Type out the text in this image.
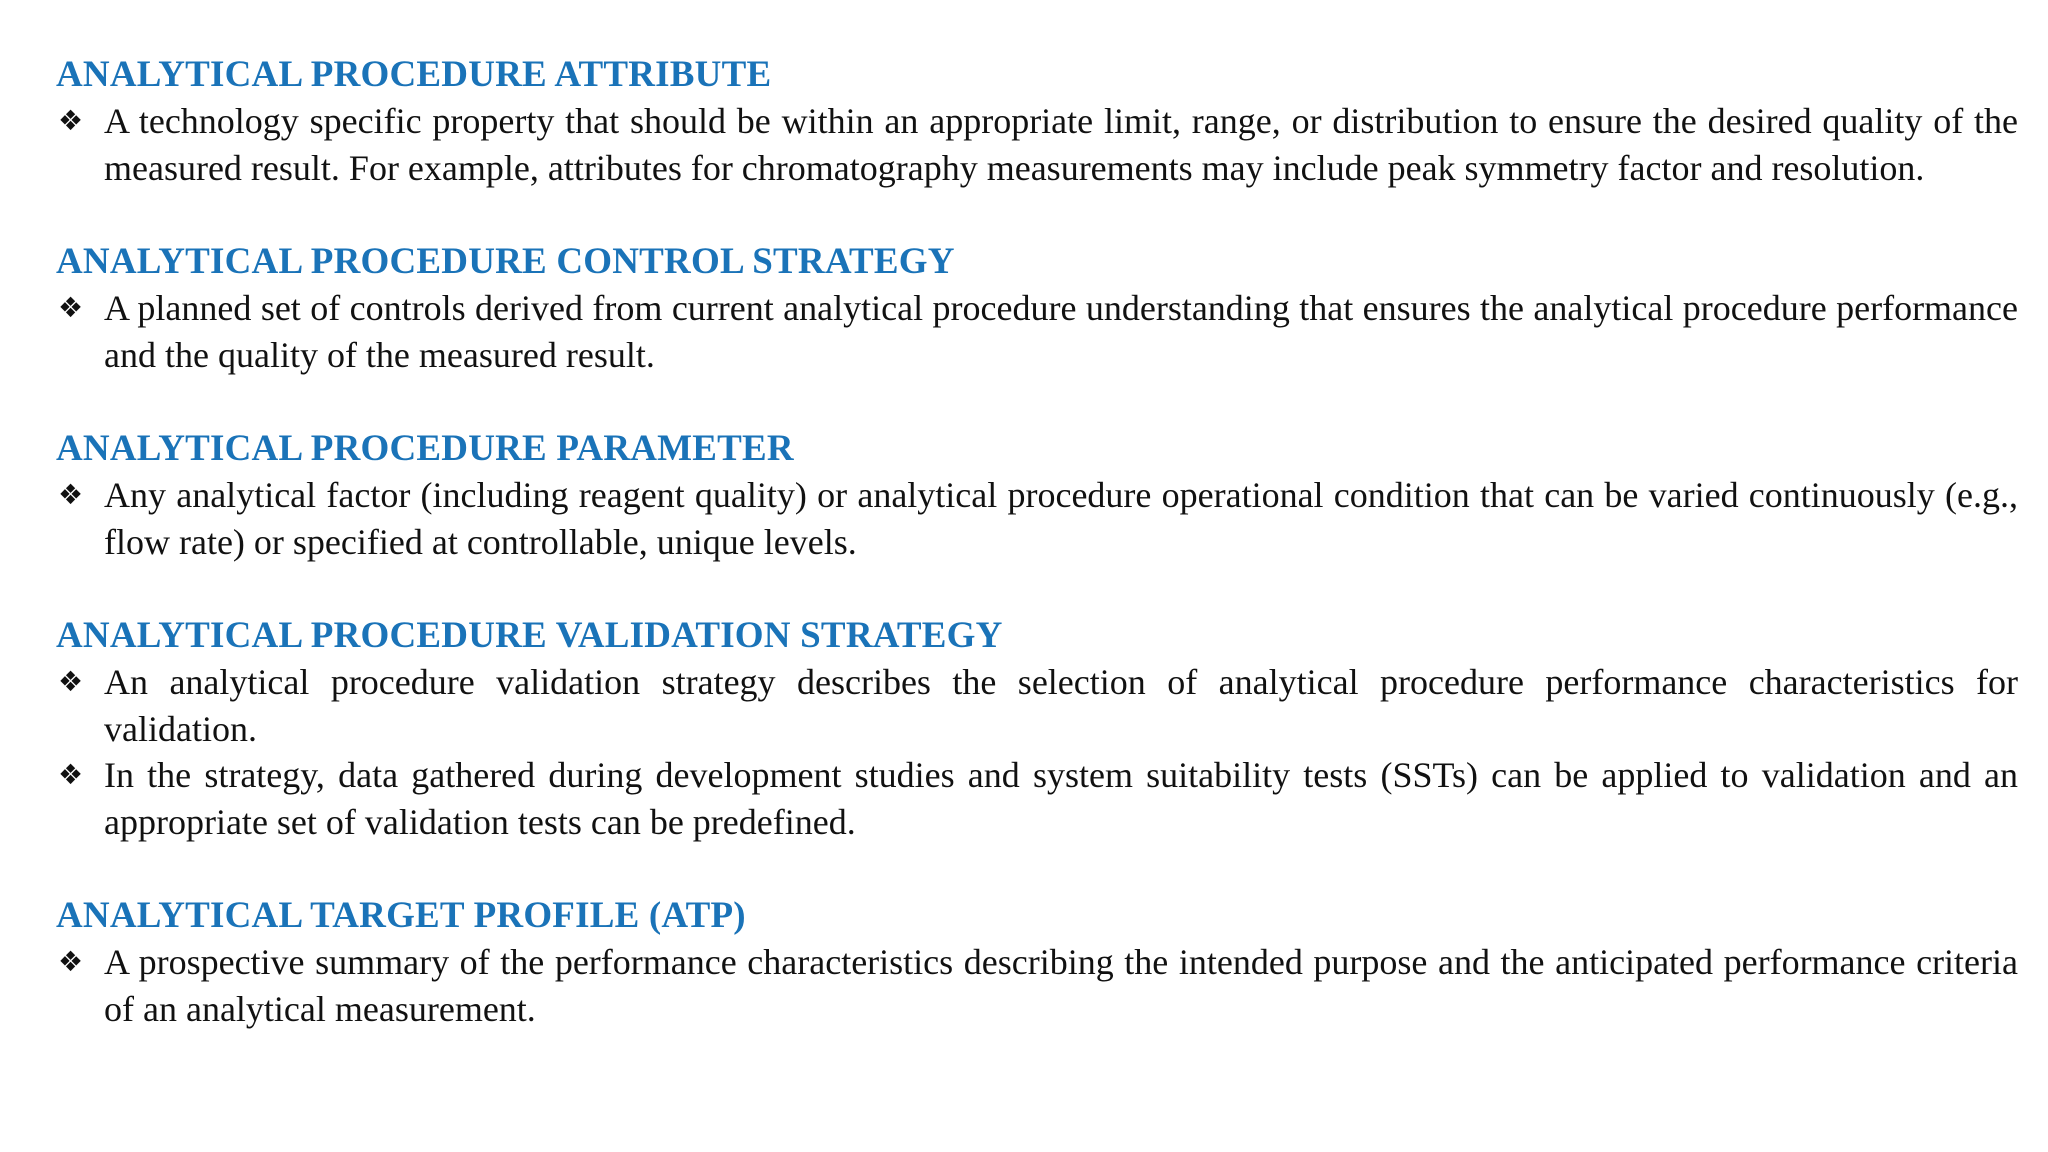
ANALYTICAL PROCEDURE ATTRIBUTE
❖ A technology specific property that should be within an appropriate limit, range, or distribution to ensure the desired quality of the measured result. For example, attributes for chromatography measurements may include peak symmetry factor and resolution.
ANALYTICAL PROCEDURE CONTROL STRATEGY
❖ A planned set of controls derived from current analytical procedure understanding that ensures the analytical procedure performance and the quality of the measured result.
ANALYTICAL PROCEDURE PARAMETER
❖ Any analytical factor (including reagent quality) or analytical procedure operational condition that can be varied continuously (e.g., flow rate) or specified at controllable, unique levels.
ANALYTICAL PROCEDURE VALIDATION STRATEGY
❖ An analytical procedure validation strategy describes the selection of analytical procedure performance characteristics for validation.
❖ In the strategy, data gathered during development studies and system suitability tests (SSTs) can be applied to validation and an appropriate set of validation tests can be predefined.
ANALYTICAL TARGET PROFILE (ATP)
❖ A prospective summary of the performance characteristics describing the intended purpose and the anticipated performance criteria of an analytical measurement.
